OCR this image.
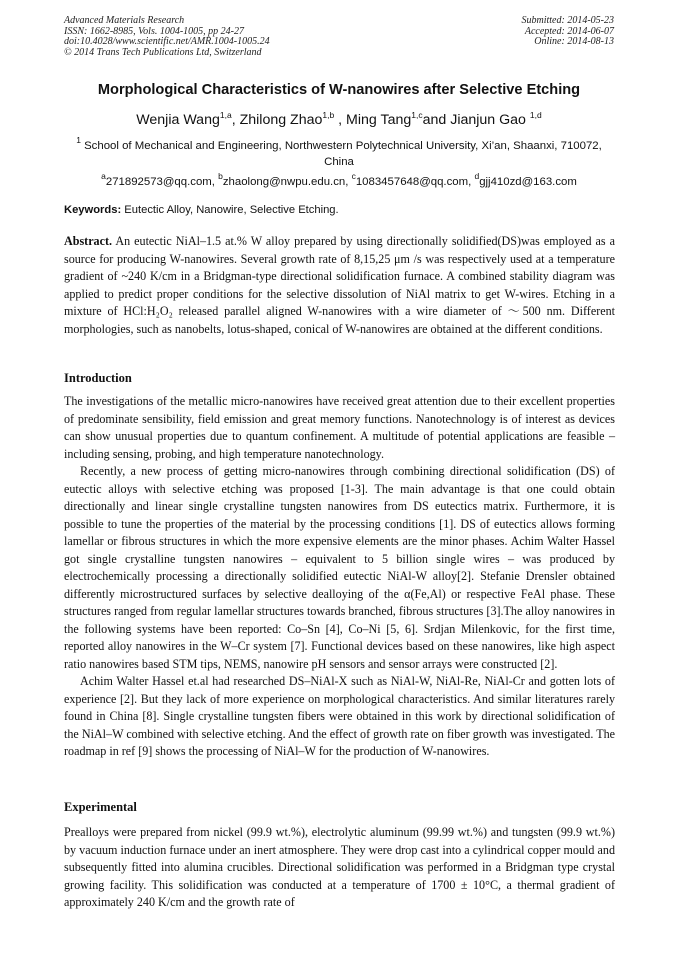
Advanced Materials Research
ISSN: 1662-8985, Vols. 1004-1005, pp 24-27
doi:10.4028/www.scientific.net/AMR.1004-1005.24
© 2014 Trans Tech Publications Ltd, Switzerland
Submitted: 2014-05-23
Accepted: 2014-06-07
Online: 2014-08-13
Morphological Characteristics of W-nanowires after Selective Etching
Wenjia Wang$^{1,a}$, Zhilong Zhao$^{1,b}$ , Ming Tang$^{1,c}$and Jianjun Gao $^{1,d}$
$^1$ School of Mechanical and Engineering, Northwestern Polytechnical University, Xi’an, Shaanxi, 710072, China
$^a$271892573@qq.com, $^b$zhaolong@nwpu.edu.cn, $^c$1083457648@qq.com, $^d$gjj410zd@163.com
Keywords: Eutectic Alloy, Nanowire, Selective Etching.
Abstract. An eutectic NiAl–1.5 at.% W alloy prepared by using directionally solidified(DS)was employed as a source for producing W-nanowires. Several growth rate of 8,15,25 μm /s was respectively used at a temperature gradient of ~240 K/cm in a Bridgman-type directional solidification furnace. A combined stability diagram was applied to predict proper conditions for the selective dissolution of NiAl matrix to get W-wires. Etching in a mixture of HCl:H₂O₂ released parallel aligned W-nanowires with a wire diameter of ～500 nm. Different morphologies, such as nanobelts, lotus-shaped, conical of W-nanowires are obtained at the different conditions.
Introduction

The investigations of the metallic micro-nanowires have received great attention due to their excellent properties of predominate sensibility, field emission and great memory functions. Nanotechnology is of interest as devices can show unusual properties due to quantum confinement. A multitude of potential applications are feasible – including sensing, probing, and high temperature nanotechnology.

Recently, a new process of getting micro-nanowires through combining directional solidification (DS) of eutectic alloys with selective etching was proposed [1-3]. The main advantage is that one could obtain directionally and linear single crystalline tungsten nanowires from DS eutectics matrix. Furthermore, it is possible to tune the properties of the material by the processing conditions [1]. DS of eutectics allows forming lamellar or fibrous structures in which the more expensive elements are the minor phases. Achim Walter Hassel got single crystalline tungsten nanowires – equivalent to 5 billion single wires – was produced by electrochemically processing a directionally solidified eutectic NiAl-W alloy[2]. Stefanie Drensler obtained differently microstructured surfaces by selective dealloying of the α(Fe,Al) or respective FeAl phase. These structures ranged from regular lamellar structures towards branched, fibrous structures [3].The alloy nanowires in the following systems have been reported: Co–Sn [4], Co–Ni [5, 6]. Srdjan Milenkovic, for the first time, reported alloy nanowires in the W–Cr system [7]. Functional devices based on these nanowires, like high aspect ratio nanowires based STM tips, NEMS, nanowire pH sensors and sensor arrays were constructed [2].

Achim Walter Hassel et.al had researched DS–NiAl-X such as NiAl-W, NiAl-Re, NiAl-Cr and gotten lots of experience [2]. But they lack of more experience on morphological characteristics. And similar literatures rarely found in China [8]. Single crystalline tungsten fibers were obtained in this work by directional solidification of the NiAl–W combined with selective etching. And the effect of growth rate on fiber growth was investigated. The roadmap in ref [9] shows the processing of NiAl–W for the production of W-nanowires.

Experimental

Prealloys were prepared from nickel (99.9 wt.%), electrolytic aluminum (99.99 wt.%) and tungsten (99.9 wt.%) by vacuum induction furnace under an inert atmosphere. They were drop cast into a cylindrical copper mould and subsequently fitted into alumina crucibles. Directional solidification was performed in a Bridgman type crystal growing facility. This solidification was conducted at a temperature of 1700 ± 10°C, a thermal gradient of approximately 240 K/cm and the growth rate of
